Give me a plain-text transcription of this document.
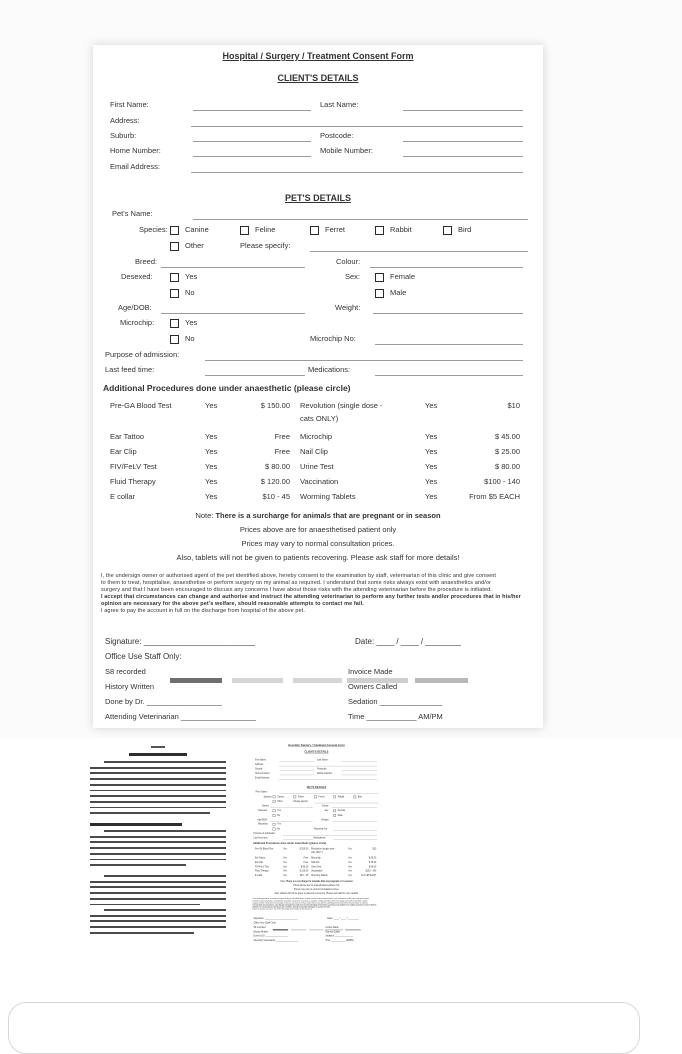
Hospital / Surgery / Treatment Consent Form
CLIENT'S DETAILS
First Name:	Last Name:
Address:
Suburb:	Postcode:
Home Number:	Mobile Number:
Email Address:
PET'S DETAILS
Pet's Name:
Species: Canine	Feline	Ferret	Rabbit	Bird
Other	Please specify:
Breed:	Colour:
Desexed:	Yes	Sex:	Female
No	Male
Age/DOB:	Weight:
Microchip:	Yes
No	Microchip No:
Purpose of admission:
Last feed time:	Medications:
Additional Procedures done under anaesthetic (please circle)
Pre-GA Blood Test	Yes	$ 150.00 Revolution (single dose -
cats ONLY)
Yes	$10
Ear Tattoo	Yes	Free Microchip	Yes	$ 45.00
Ear Clip	Yes	Free Nail Clip	Yes	$ 25.00
FIV/FeLV Test	Yes	$ 80.00 Urine Test	Yes	$ 80.00
Fluid Therapy	Yes	$ 120.00 Vaccination	Yes	$100 - 140
E collar	Yes	$10 - 45 Worming Tablets	Yes	From $5 EACH
Note: There is a surcharge for animals that are pregnant or in season
Prices above are for anaesthetised patient only
Prices may vary to normal consultation prices.
Also, tablets will not be given to patients recovering. Please ask staff for more details!
I, the undersign owner or authorised agent of the pet identified above, hereby consent to the examination by staff, veterinarian of this clinic and give consent
to them to treat, hospitalise, anaesthetise or perform surgery on my animal as required. I understand that some risks always exist with anaesthetics and/or
surgery and that I have been encouraged to discuss any concerns I have about those risks with the attending veterinarian before the procedure is initiated.
I accept that circumstances can change and authorise and instruct the attending veterinarian to perform any further tests and/or procedures that in his/her
opinion are necessary for the above pet's welfare, should reasonable attempts to contact me fail.
I agree to pay the account in full on the discharge from hospital of the above pet.
Signature: _________________________	Date: ____ / ____ / ________
Office Use Staff Only:
S8 recorded	Invoice Made
History Written	Owners Called
Done by Dr. __________________	Sedation _______________
Attending Veterinarian __________________	Time ____________ AM/PM
Hospital / Surgery / Treatment Consent Form
CLIENT'S DETAILS
First Name:	Last Name:
Address:
Suburb:	Postcode:
Home Number:	Mobile Number:
Email Address:
PET'S DETAILS
Pet's Name:
Species: Canine Feline Ferret Rabbit Bird
Other Please specify:
Breed:	Colour:
Desexed: Yes	Sex: Female
No	Male
Age/DOB:	Weight:
Microchip: Yes
No	Microchip No:
Purpose of admission:
Last feed time:	Medications:
Additional Procedures done under anaesthetic (please circle)
Pre-GA Blood Test Yes	$ 150.00 Revolution (single dose -
cats ONLY)
Yes	$10
Ear Tattoo Yes	Free Microchip	Yes	$ 45.00
Ear Clip	Yes	Free Nail Clip	Yes	$ 25.00
FIV/FeLV Test Yes	$ 80.00 Urine Test	Yes	$ 80.00
Fluid Therapy Yes	$ 120.00 Vaccination	Yes	$100 - 140
E collar	Yes	$10 - 45 Worming Tablets	Yes	From $5 EACH
Note: There is a surcharge for animals that are pregnant or in season
Prices above are for anaesthetised patient only
Prices may vary to normal consultation prices.
Also, tablets will not be given to patients recovering. Please ask staff for more details!
I, the undersign owner or authorised agent of the pet identified above, hereby consent to the examination by staff, veterinarian of this clinic and give consent
to them to treat, hospitalise, anaesthetise or perform surgery on my animal as required. I understand that some risks always exist with anaesthetics and/or
surgery and that I have been encouraged to discuss any concerns I have about those risks with the attending veterinarian before the procedure is initiated.
I accept that circumstances can change and authorise and instruct the attending veterinarian to perform any further tests and/or procedures that in his/her
opinion are necessary for the above pet's welfare, should reasonable attempts to contact me fail.
I agree to pay the account in full on the discharge from hospital of the above pet.
Signature: _________________________	Date: ____ / ____ / ________
Office Use Staff Only:
S8 recorded	Invoice Made
History Written	Owners Called
Done by Dr. __________________	Sedation _______________
Attending Veterinarian __________________	Time ____________ AM/PM
